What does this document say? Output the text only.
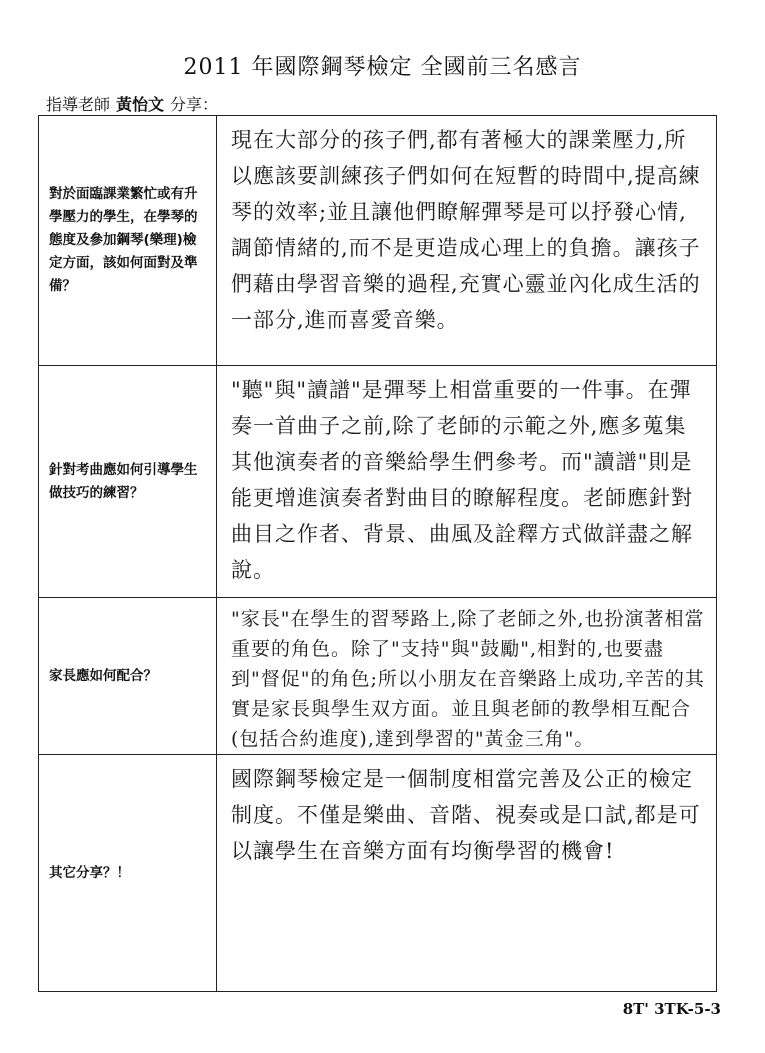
2011 年國際鋼琴檢定 全國前三名感言
指導老師 黃怡文 分享：
對於面臨課業繁忙或有升學壓力的學生，在學琴的態度及參加鋼琴(樂理)檢定方面，該如何面對及準備？	現在大部分的孩子們,都有著極大的課業壓力,所以應該要訓練孩子們如何在短暫的時間中,提高練琴的效率;並且讓他們瞭解彈琴是可以抒發心情,調節情緒的,而不是更造成心理上的負擔。讓孩子們藉由學習音樂的過程,充實心靈並內化成生活的一部分,進而喜愛音樂。

針對考曲應如何引導學生做技巧的練習？	"聽"與"讀譜"是彈琴上相當重要的一件事。在彈奏一首曲子之前,除了老師的示範之外,應多蒐集其他演奏者的音樂給學生們參考。而"讀譜"則是能更增進演奏者對曲目的瞭解程度。老師應針對曲目之作者、背景、曲風及詮釋方式做詳盡之解說。

家長應如何配合？	"家長"在學生的習琴路上,除了老師之外,也扮演著相當重要的角色。除了"支持"與"鼓勵",相對的,也要盡到"督促"的角色;所以小朋友在音樂路上成功,辛苦的其實是家長與學生双方面。並且與老師的教學相互配合(包括合約進度),達到學習的"黃金三角"。

其它分享？！	國際鋼琴檢定是一個制度相當完善及公正的檢定制度。不僅是樂曲、音階、視奏或是口試,都是可以讓學生在音樂方面有均衡學習的機會!
8T' 3TK-5-3
